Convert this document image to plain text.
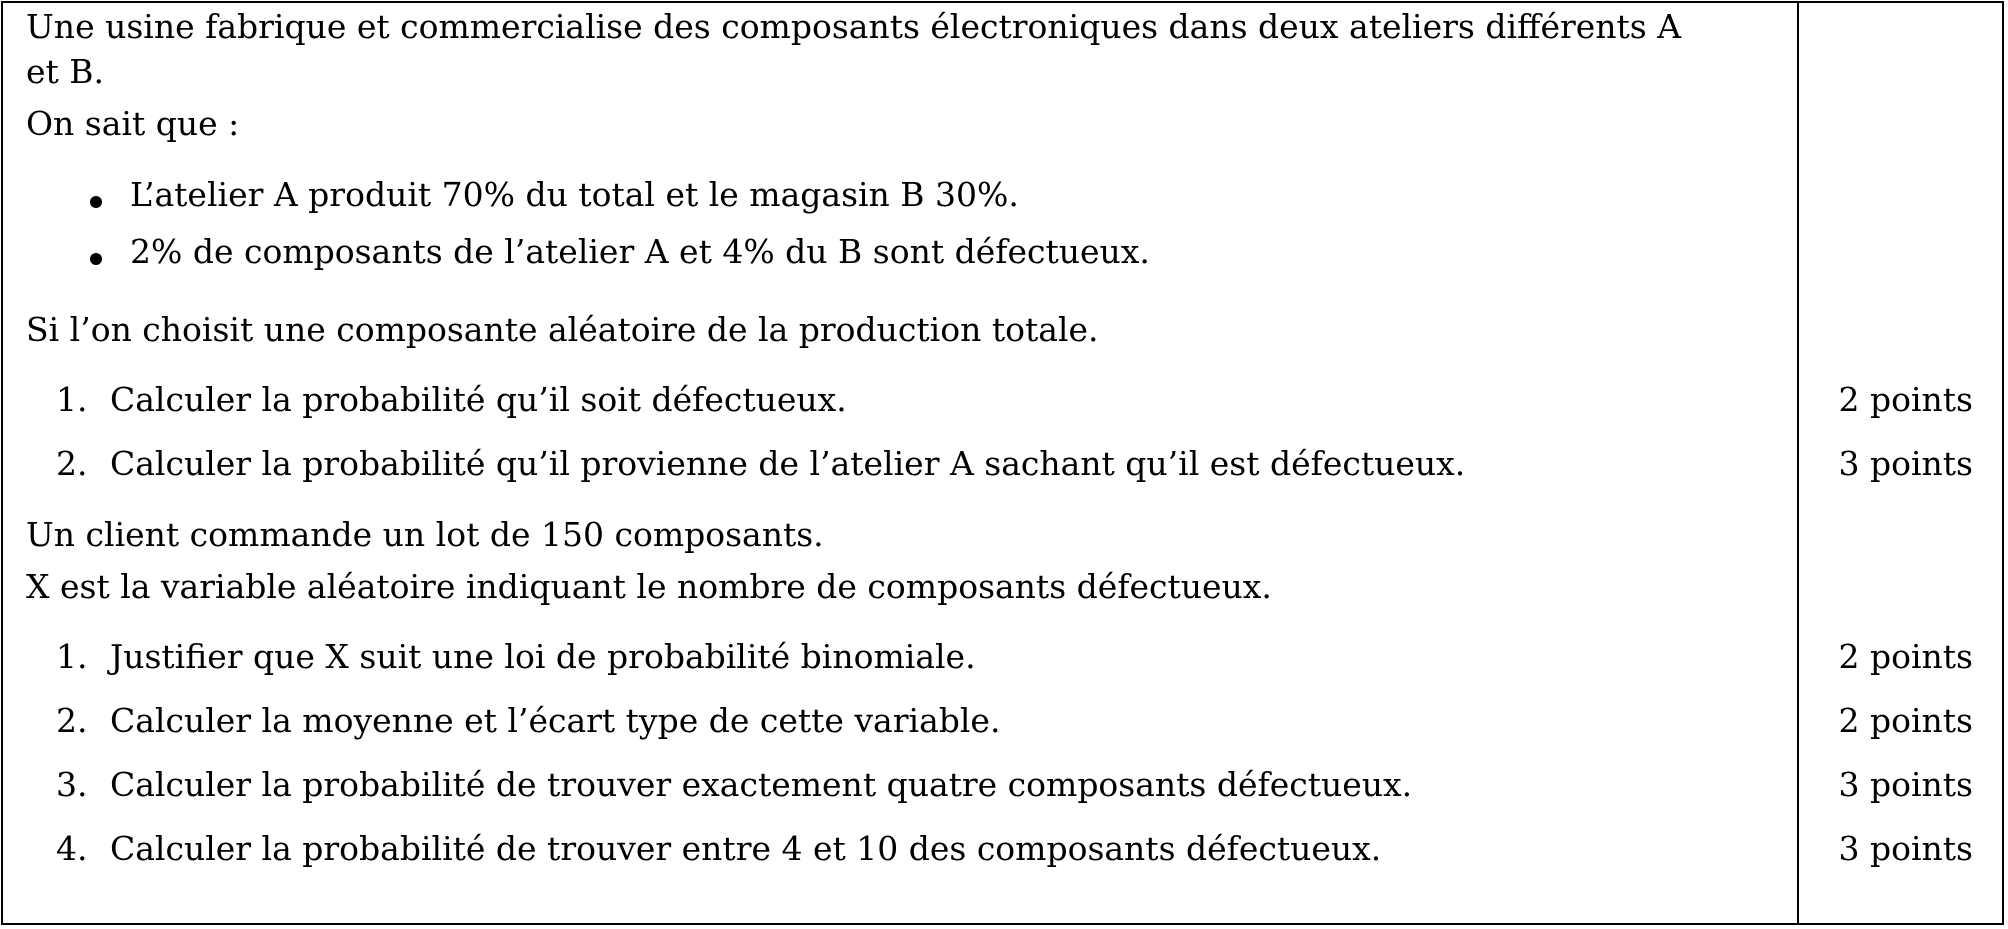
Une usine fabrique et commercialise des composants électroniques dans deux ateliers différents A
et B.
On sait que :
L’atelier A produit 70% du total et le magasin B 30%.
2% de composants de l’atelier A et 4% du B sont défectueux.
Si l’on choisit une composante aléatoire de la production totale.
1. Calculer la probabilité qu’il soit défectueux.	2 points
2. Calculer la probabilité qu’il provienne de l’atelier A sachant qu’il est défectueux.	3 points
Un client commande un lot de 150 composants.
X est la variable aléatoire indiquant le nombre de composants défectueux.
1. Justifier que X suit une loi de probabilité binomiale.	2 points
2. Calculer la moyenne et l’écart type de cette variable.	2 points
3. Calculer la probabilité de trouver exactement quatre composants défectueux.	3 points
4. Calculer la probabilité de trouver entre 4 et 10 des composants défectueux.	3 points
